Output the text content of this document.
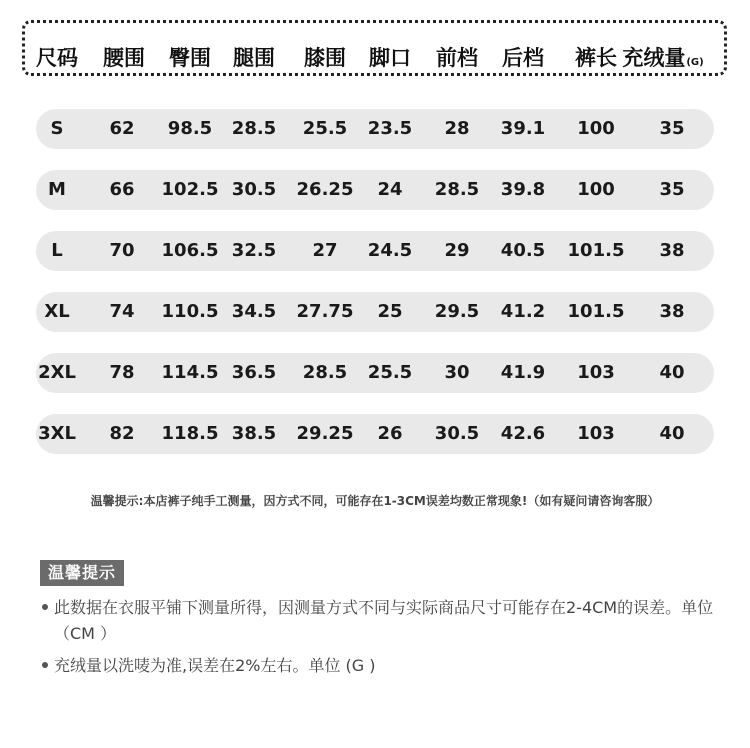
尺码 腰围 臀围 腿围 膝围 脚口 前档 后档 裤长 充绒量(G)
S	62 98.5 28.5 25.5 23.5 28 39.1 100 35
M 66 102.5 30.5 26.25 24 28.5 39.8 100 35
L	70 106.5 32.5 27 24.5 29 40.5 101.5 38
XL 74 110.5 34.5 27.75 25 29.5 41.2 101.5 38
2XL 78 114.5 36.5 28.5 25.5 30 41.9 103 40
3XL 82 118.5 38.5 29.25 26 30.5 42.6 103 40
温馨提示:本店裤子纯手工测量，因方式不同，可能存在1-3CM误差均数正常现象!（如有疑问请咨询客服）
温馨提示
此数据在衣服平铺下测量所得，因测量方式不同与实际商品尺寸可能存在2-4CM的误差。单位（CM ）
充绒量以洗唛为准,误差在2%左右。单位 (G )
